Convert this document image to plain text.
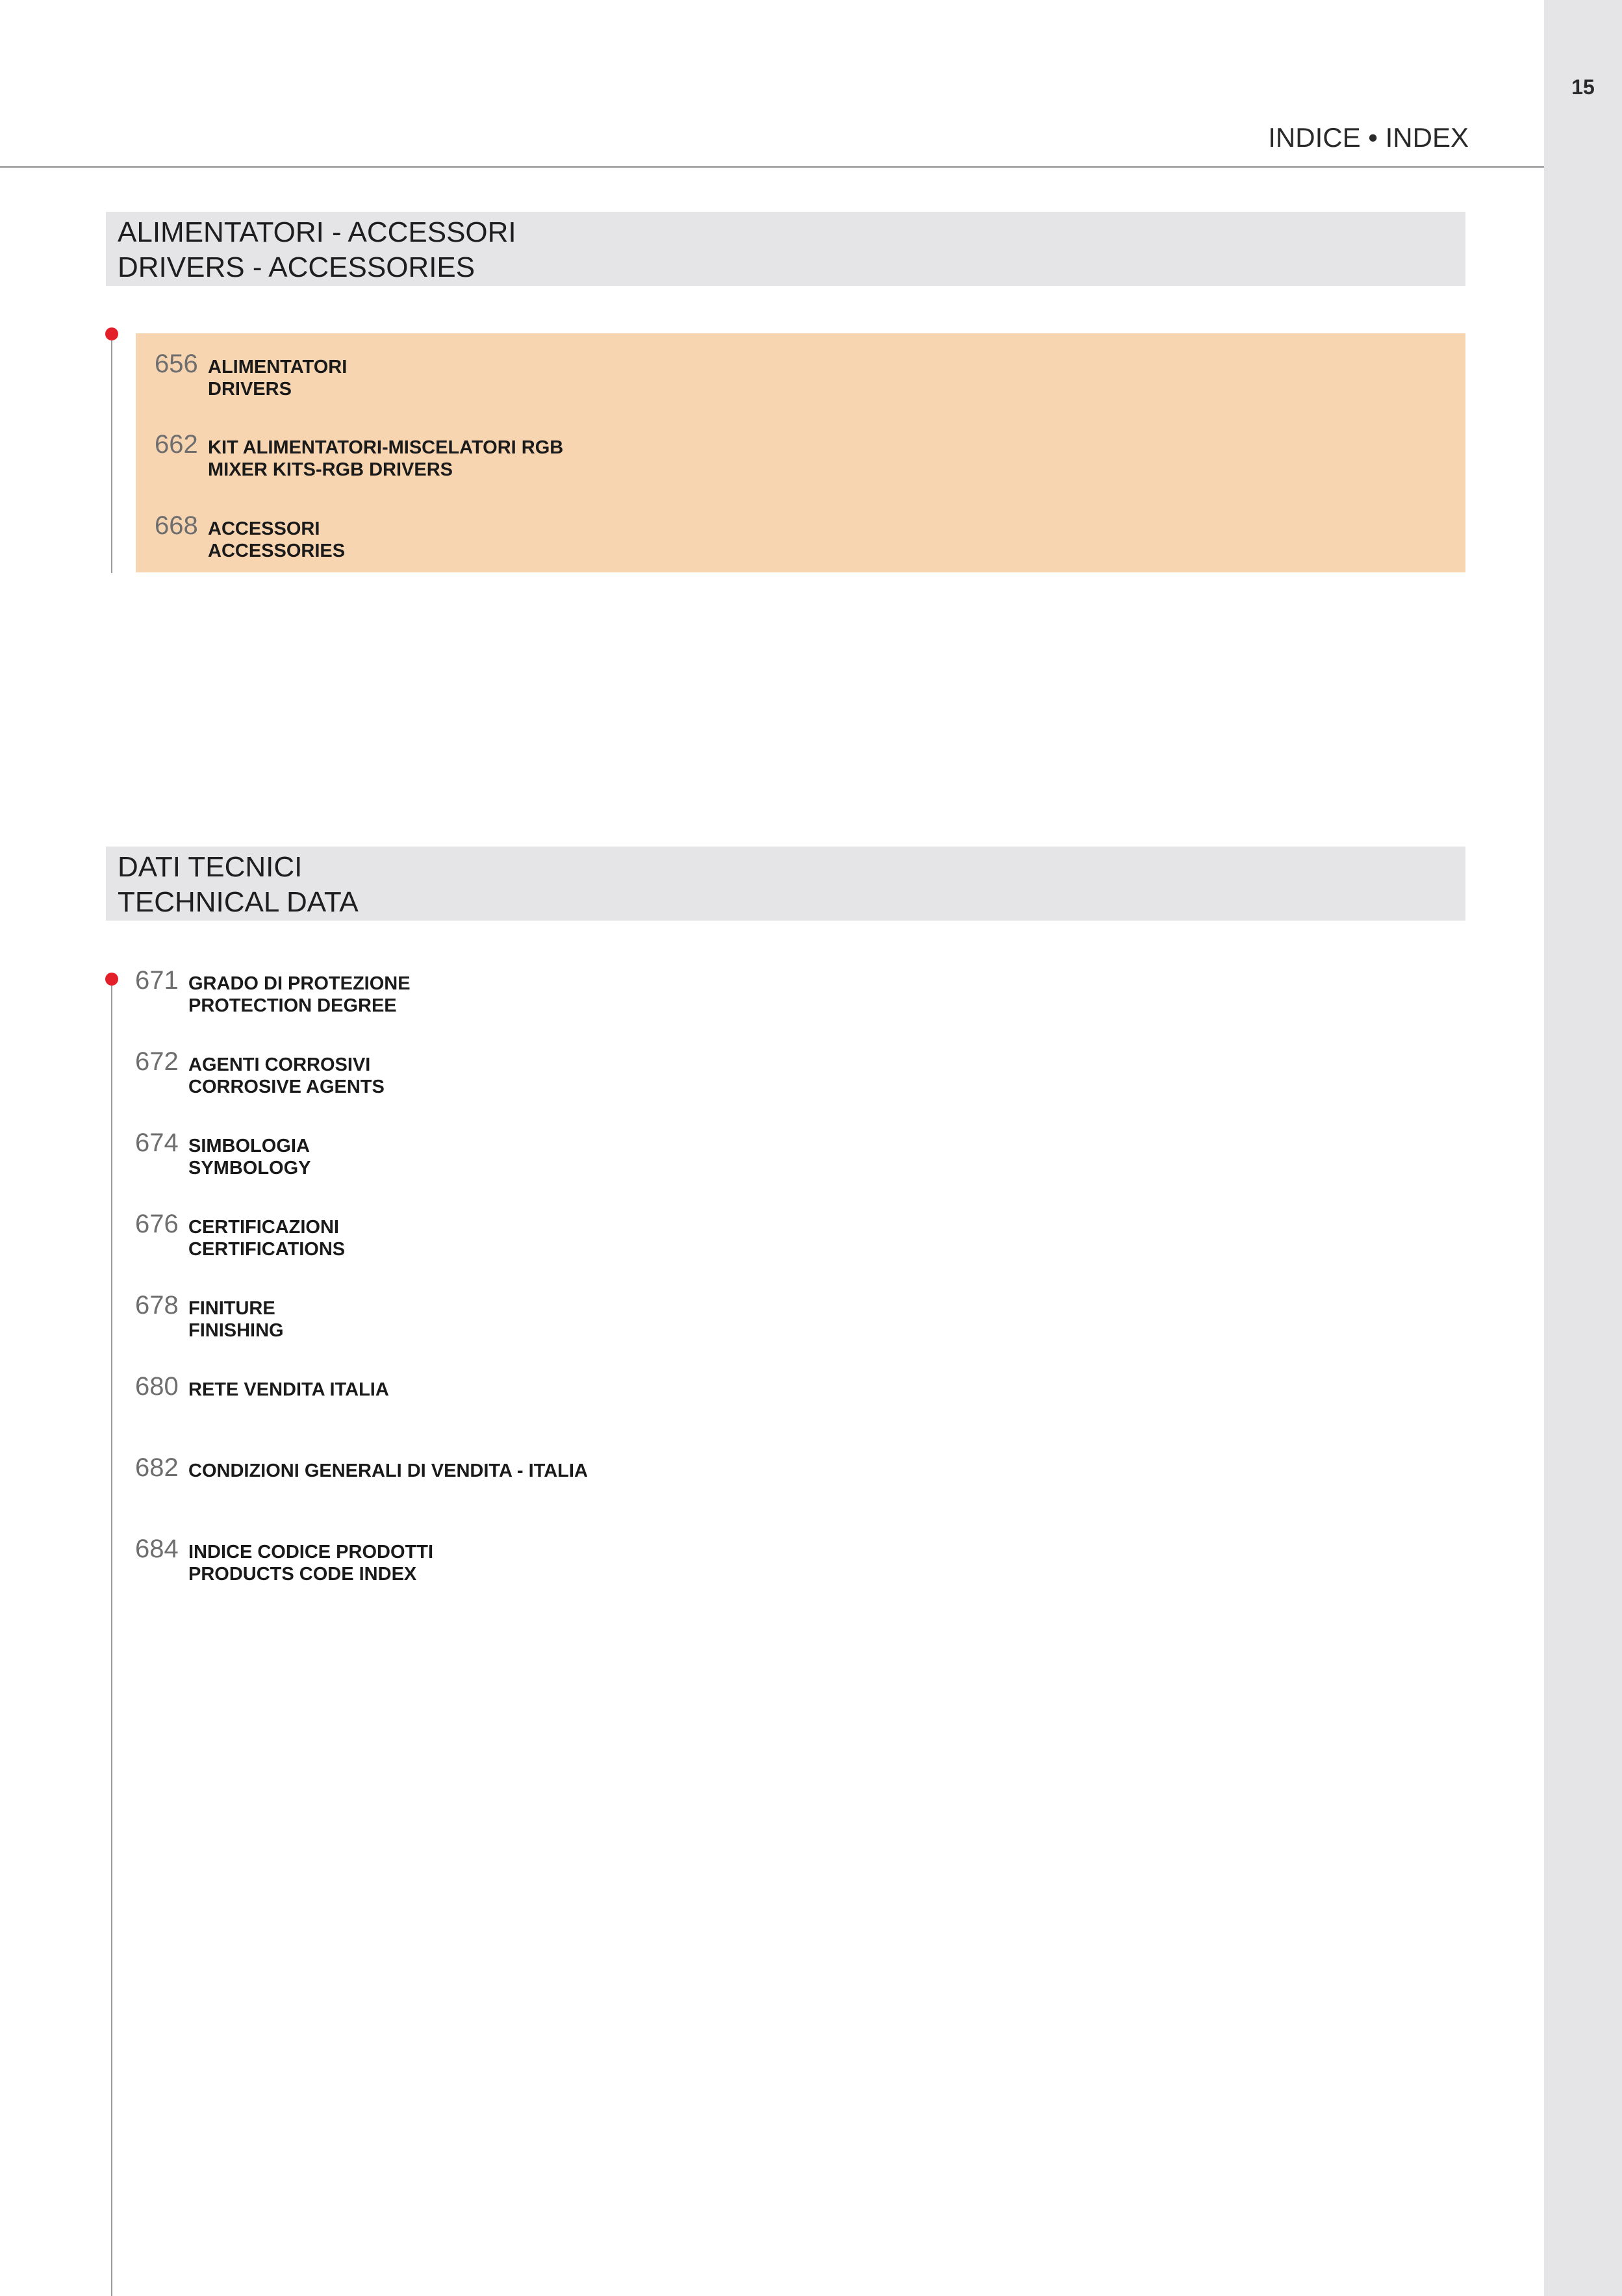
15
INDICE • INDEX
ALIMENTATORI - ACCESSORI
DRIVERS - ACCESSORIES
656 ALIMENTATORI
DRIVERS
662 KIT ALIMENTATORI-MISCELATORI RGB
MIXER KITS-RGB DRIVERS
668 ACCESSORI
ACCESSORIES
DATI TECNICI
TECHNICAL DATA
671 GRADO DI PROTEZIONE
PROTECTION DEGREE
672 AGENTI CORROSIVI
CORROSIVE AGENTS
674 SIMBOLOGIA
SYMBOLOGY
676 CERTIFICAZIONI
CERTIFICATIONS
678 FINITURE
FINISHING
680 RETE VENDITA ITALIA
682 CONDIZIONI GENERALI DI VENDITA - ITALIA
684 INDICE CODICE PRODOTTI
PRODUCTS CODE INDEX
